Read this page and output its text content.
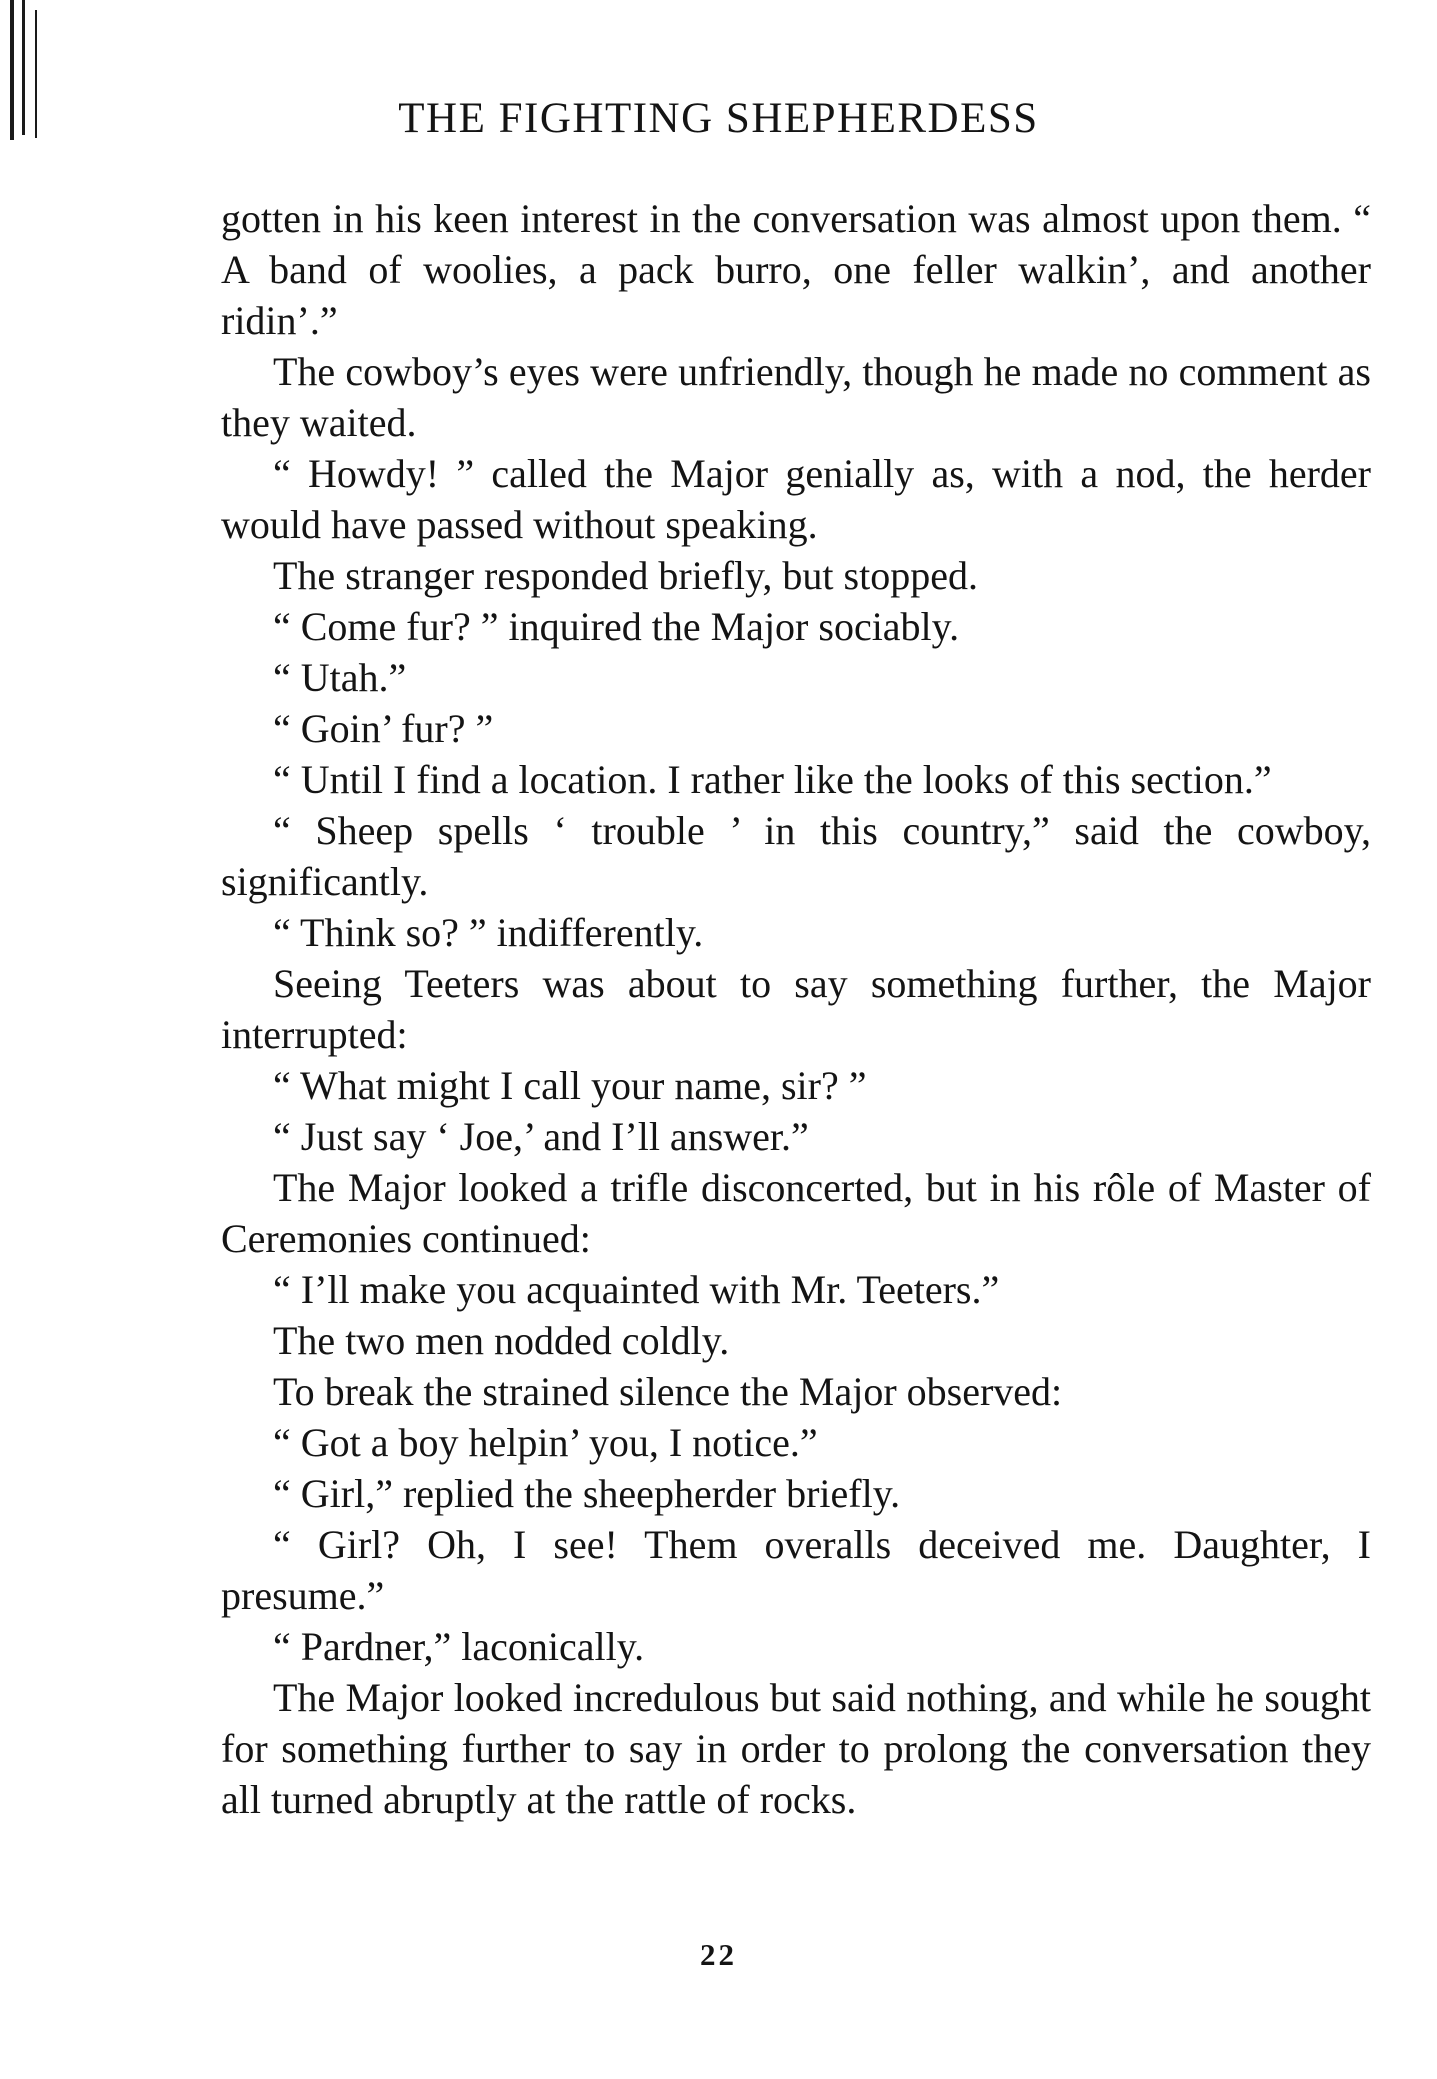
THE FIGHTING SHEPHERDESS

gotten in his keen interest in the conversation was almost upon them. “ A band of woolies, a pack burro, one feller walkin’, and another ridin’.”

The cowboy’s eyes were unfriendly, though he made no comment as they waited.

“ Howdy! ” called the Major genially as, with a nod, the herder would have passed without speaking.

The stranger responded briefly, but stopped.

“ Come fur? ” inquired the Major sociably.

“ Utah.”

“ Goin’ fur? ”

“ Until I find a location. I rather like the looks of this section.”

“ Sheep spells ‘ trouble ’ in this country,” said the cowboy, significantly.

“ Think so? ” indifferently.

Seeing Teeters was about to say something further, the Major interrupted:

“ What might I call your name, sir? ”

“ Just say ‘ Joe,’ and I’ll answer.”

The Major looked a trifle disconcerted, but in his rôle of Master of Ceremonies continued:

“ I’ll make you acquainted with Mr. Teeters.”

The two men nodded coldly.

To break the strained silence the Major observed:

“ Got a boy helpin’ you, I notice.”

“ Girl,” replied the sheepherder briefly.

“ Girl? Oh, I see! Them overalls deceived me. Daughter, I presume.”

“ Pardner,” laconically.

The Major looked incredulous but said nothing, and while he sought for something further to say in order to prolong the conversation they all turned abruptly at the rattle of rocks.

22
